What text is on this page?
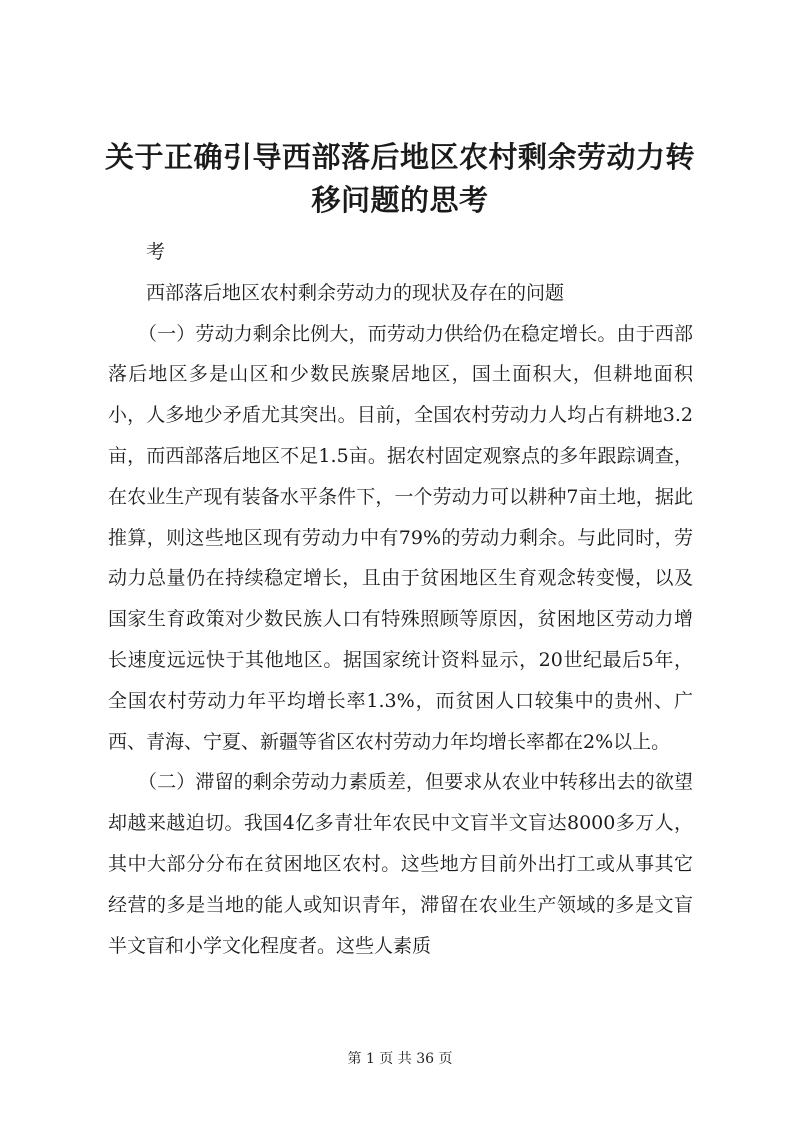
关于正确引导西部落后地区农村剩余劳动力转移问题的思考

考

西部落后地区农村剩余劳动力的现状及存在的问题

（一）劳动力剩余比例大，而劳动力供给仍在稳定增长。由于西部落后地区多是山区和少数民族聚居地区，国土面积大，但耕地面积小，人多地少矛盾尤其突出。目前，全国农村劳动力人均占有耕地3.2亩，而西部落后地区不足1.5亩。据农村固定观察点的多年跟踪调查，在农业生产现有装备水平条件下，一个劳动力可以耕种7亩土地，据此推算，则这些地区现有劳动力中有79%的劳动力剩余。与此同时，劳动力总量仍在持续稳定增长，且由于贫困地区生育观念转变慢，以及国家生育政策对少数民族人口有特殊照顾等原因，贫困地区劳动力增长速度远远快于其他地区。据国家统计资料显示，20世纪最后5年，全国农村劳动力年平均增长率1.3%，而贫困人口较集中的贵州、广西、青海、宁夏、新疆等省区农村劳动力年均增长率都在2%以上。

（二）滞留的剩余劳动力素质差，但要求从农业中转移出去的欲望却越来越迫切。我国4亿多青壮年农民中文盲半文盲达8000多万人，其中大部分分布在贫困地区农村。这些地方目前外出打工或从事其它经营的多是当地的能人或知识青年，滞留在农业生产领域的多是文盲半文盲和小学文化程度者。这些人素质

第 1 页 共 36 页
